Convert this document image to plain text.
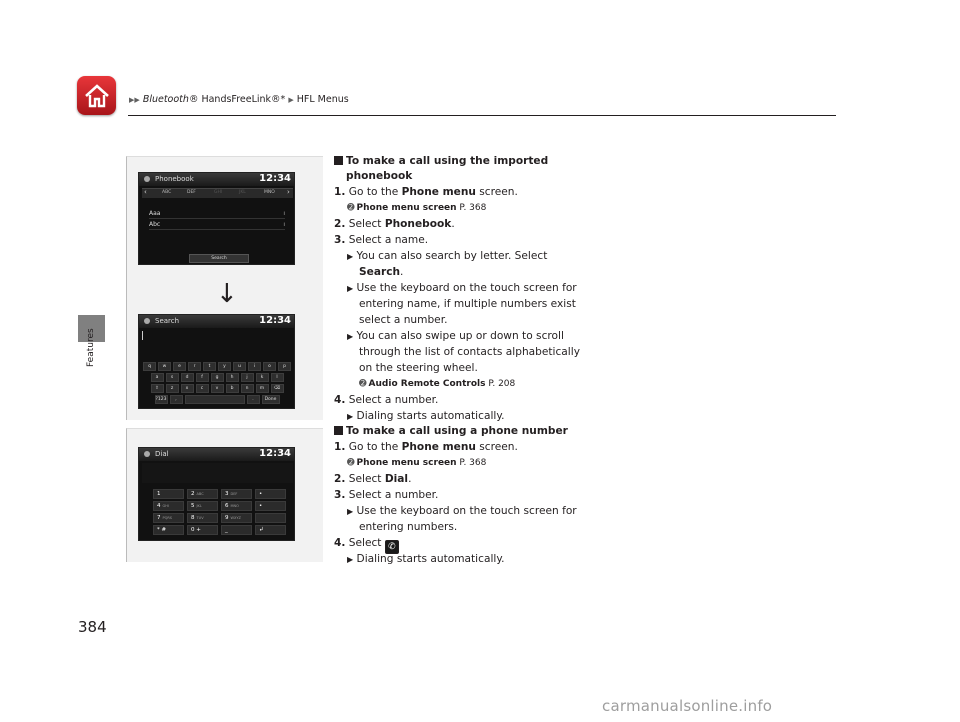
▶▶ Bluetooth® HandsFreeLink®* ▶ HFL Menus
Features
384
Phonebook	12:34
‹	ABC	DEF	GHI	JKL	MNO ›
Aaa	ı
Abc	ı
Search
↓
Search	12:34
q	w	e	r	t	y	u	i	o	p
a	s	d	f	g	h	j	k	l
⇧	z	x	c	v	b	n	m	⌫
?123	,	.	Done
Dial	12:34
1	2 ABC	3 DEF	•
4 GHI	5 JKL	6 MNO	•
7 PQRS	8 TUV	9 WXYZ
* #	0 +	_	↲
To make a call using the imported
phonebook
1. Go to the Phone menu screen.
➋ Phone menu screen P. 368
2. Select Phonebook.
3. Select a name.
▶ You can also search by letter. Select
Search.
▶ Use the keyboard on the touch screen for
entering name, if multiple numbers exist
select a number.
▶ You can also swipe up or down to scroll
through the list of contacts alphabetically
on the steering wheel.
➋ Audio Remote Controls P. 208
4. Select a number.
▶ Dialing starts automatically.
To make a call using a phone number
1. Go to the Phone menu screen.
➋ Phone menu screen P. 368
2. Select Dial.
3. Select a number.
▶ Use the keyboard on the touch screen for
entering numbers.
4. Select ✆
▶ Dialing starts automatically.
carmanualsonline.info
